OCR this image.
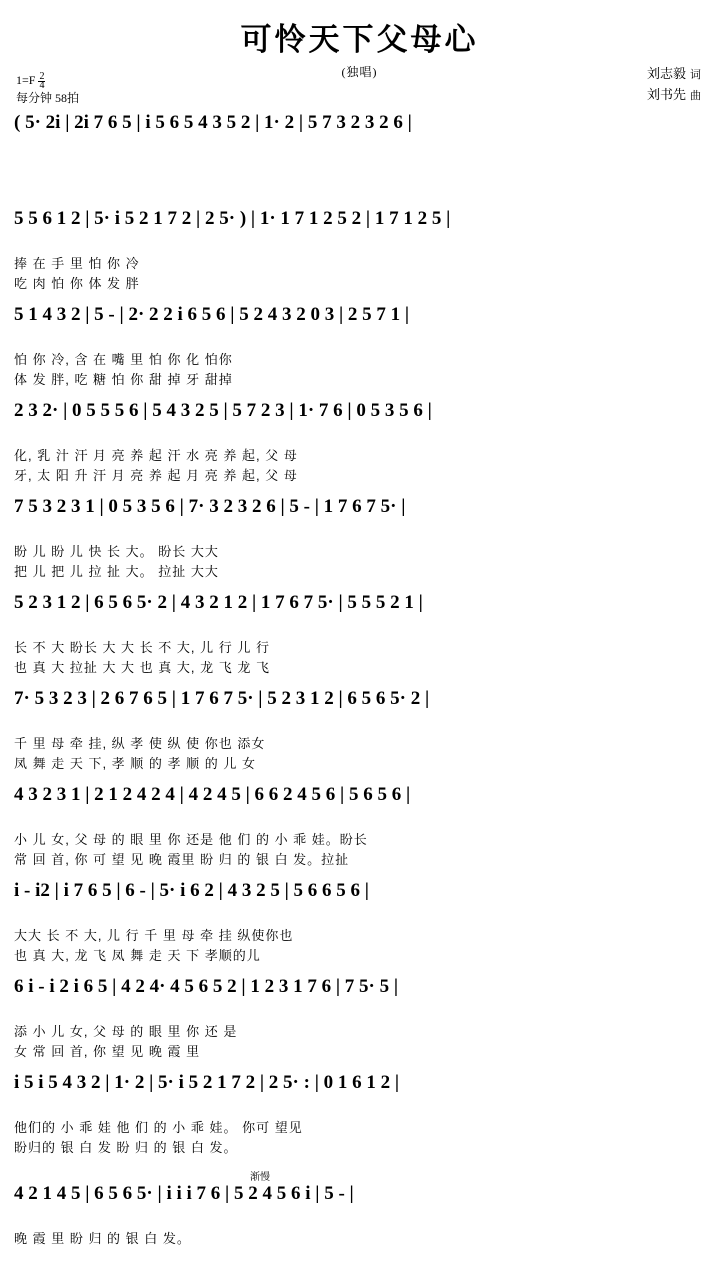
可怜天下父母心
(独唱)
$1=F \frac{2}{4}$
每分钟 58拍
刘志毅 词
刘书先 曲
( 5· 2i | 2i 7 6 5 | i 5 6 5 4 3 5 2 | 1· 2 | 5 7 3 2 3 2 6 |
5 5 6 1 2 | 5· i 5 2 1 7 2 | 2 5· ) | 1· 1 7 1 2 5 2 | 1 7 1 2 5 |
捧 在 手 里 怕 你 冷
吃 肉 怕 你 体 发 胖
5 1 4 3 2 | 5 - | 2· 2 2 i 6 5 6 | 5 2 4 3 2 0 3 | 2 5 7 1 |
怕 你 冷, 含 在 嘴 里 怕 你 化 怕你
体 发 胖, 吃 糖 怕 你 甜 掉 牙 甜掉
2 3 2· | 0 5 5 5 6 | 5 4 3 2 5 | 5 7 2 3 | 1· 7 6 | 0 5 3 5 6 |
化, 乳 汁 汗 月 亮 养 起 汗 水 亮 养 起, 父 母
牙, 太 阳 升 汗 月 亮 养 起 月 亮 养 起, 父 母
7 5 3 2 3 1 | 0 5 3 5 6 | 7· 3 2 3 2 6 | 5 - | 1 7 6 7 5· |
盼 儿 盼 儿 快 长 大。 盼长 大大
把 儿 把 儿 拉 扯 大。 拉扯 大大
5 2 3 1 2 | 6 5 6 5· 2 | 4 3 2 1 2 | 1 7 6 7 5· | 5 5 5 2 1 |
长 不 大 盼长 大 大 长 不 大, 儿 行 儿 行
也 真 大 拉扯 大 大 也 真 大, 龙 飞 龙 飞
7· 5 3 2 3 | 2 6 7 6 5 | 1 7 6 7 5· | 5 2 3 1 2 | 6 5 6 5· 2 |
千 里 母 牵 挂, 纵 孝 使 纵 使 你也 添女
凤 舞 走 天 下, 孝 顺 的 孝 顺 的 儿 女
4 3 2 3 1 | 2 1 2 4 2 4 | 4 2 4 5 | 6 6 2 4 5 6 | 5 6 5 6 |
小 儿 女, 父 母 的 眼 里 你 还是 他 们 的 小 乖 娃。盼长
常 回 首, 你 可 望 见 晚 霞里 盼 归 的 银 白 发。拉扯
i - i2 | i 7 6 5 | 6 - | 5· i 6 2 | 4 3 2 5 | 5 6 6 5 6 |
大大 长 不 大, 儿 行 千 里 母 牵 挂 纵使你也
也 真 大, 龙 飞 凤 舞 走 天 下 孝顺的儿
6 i - i 2 i 6 5 | 4 2 4· 4 5 6 5 2 | 1 2 3 1 7 6 | 7 5· 5 |
添 小 儿 女, 父 母 的 眼 里 你 还 是
女 常 回 首, 你 望 见 晚 霞 里
i 5 i 5 4 3 2 | 1· 2 | 5· i 5 2 1 7 2 | 2 5· : | 0 1 6 1 2 |
他们的 小 乖 娃 他 们 的 小 乖 娃。 你可 望见
盼归的 银 白 发 盼 归 的 银 白 发。
渐慢
4 2 1 4 5 | 6 5 6 5· | i i i 7 6 | 5 2 4 5 6 i | 5 - |
晚 霞 里 盼 归 的 银 白 发。
